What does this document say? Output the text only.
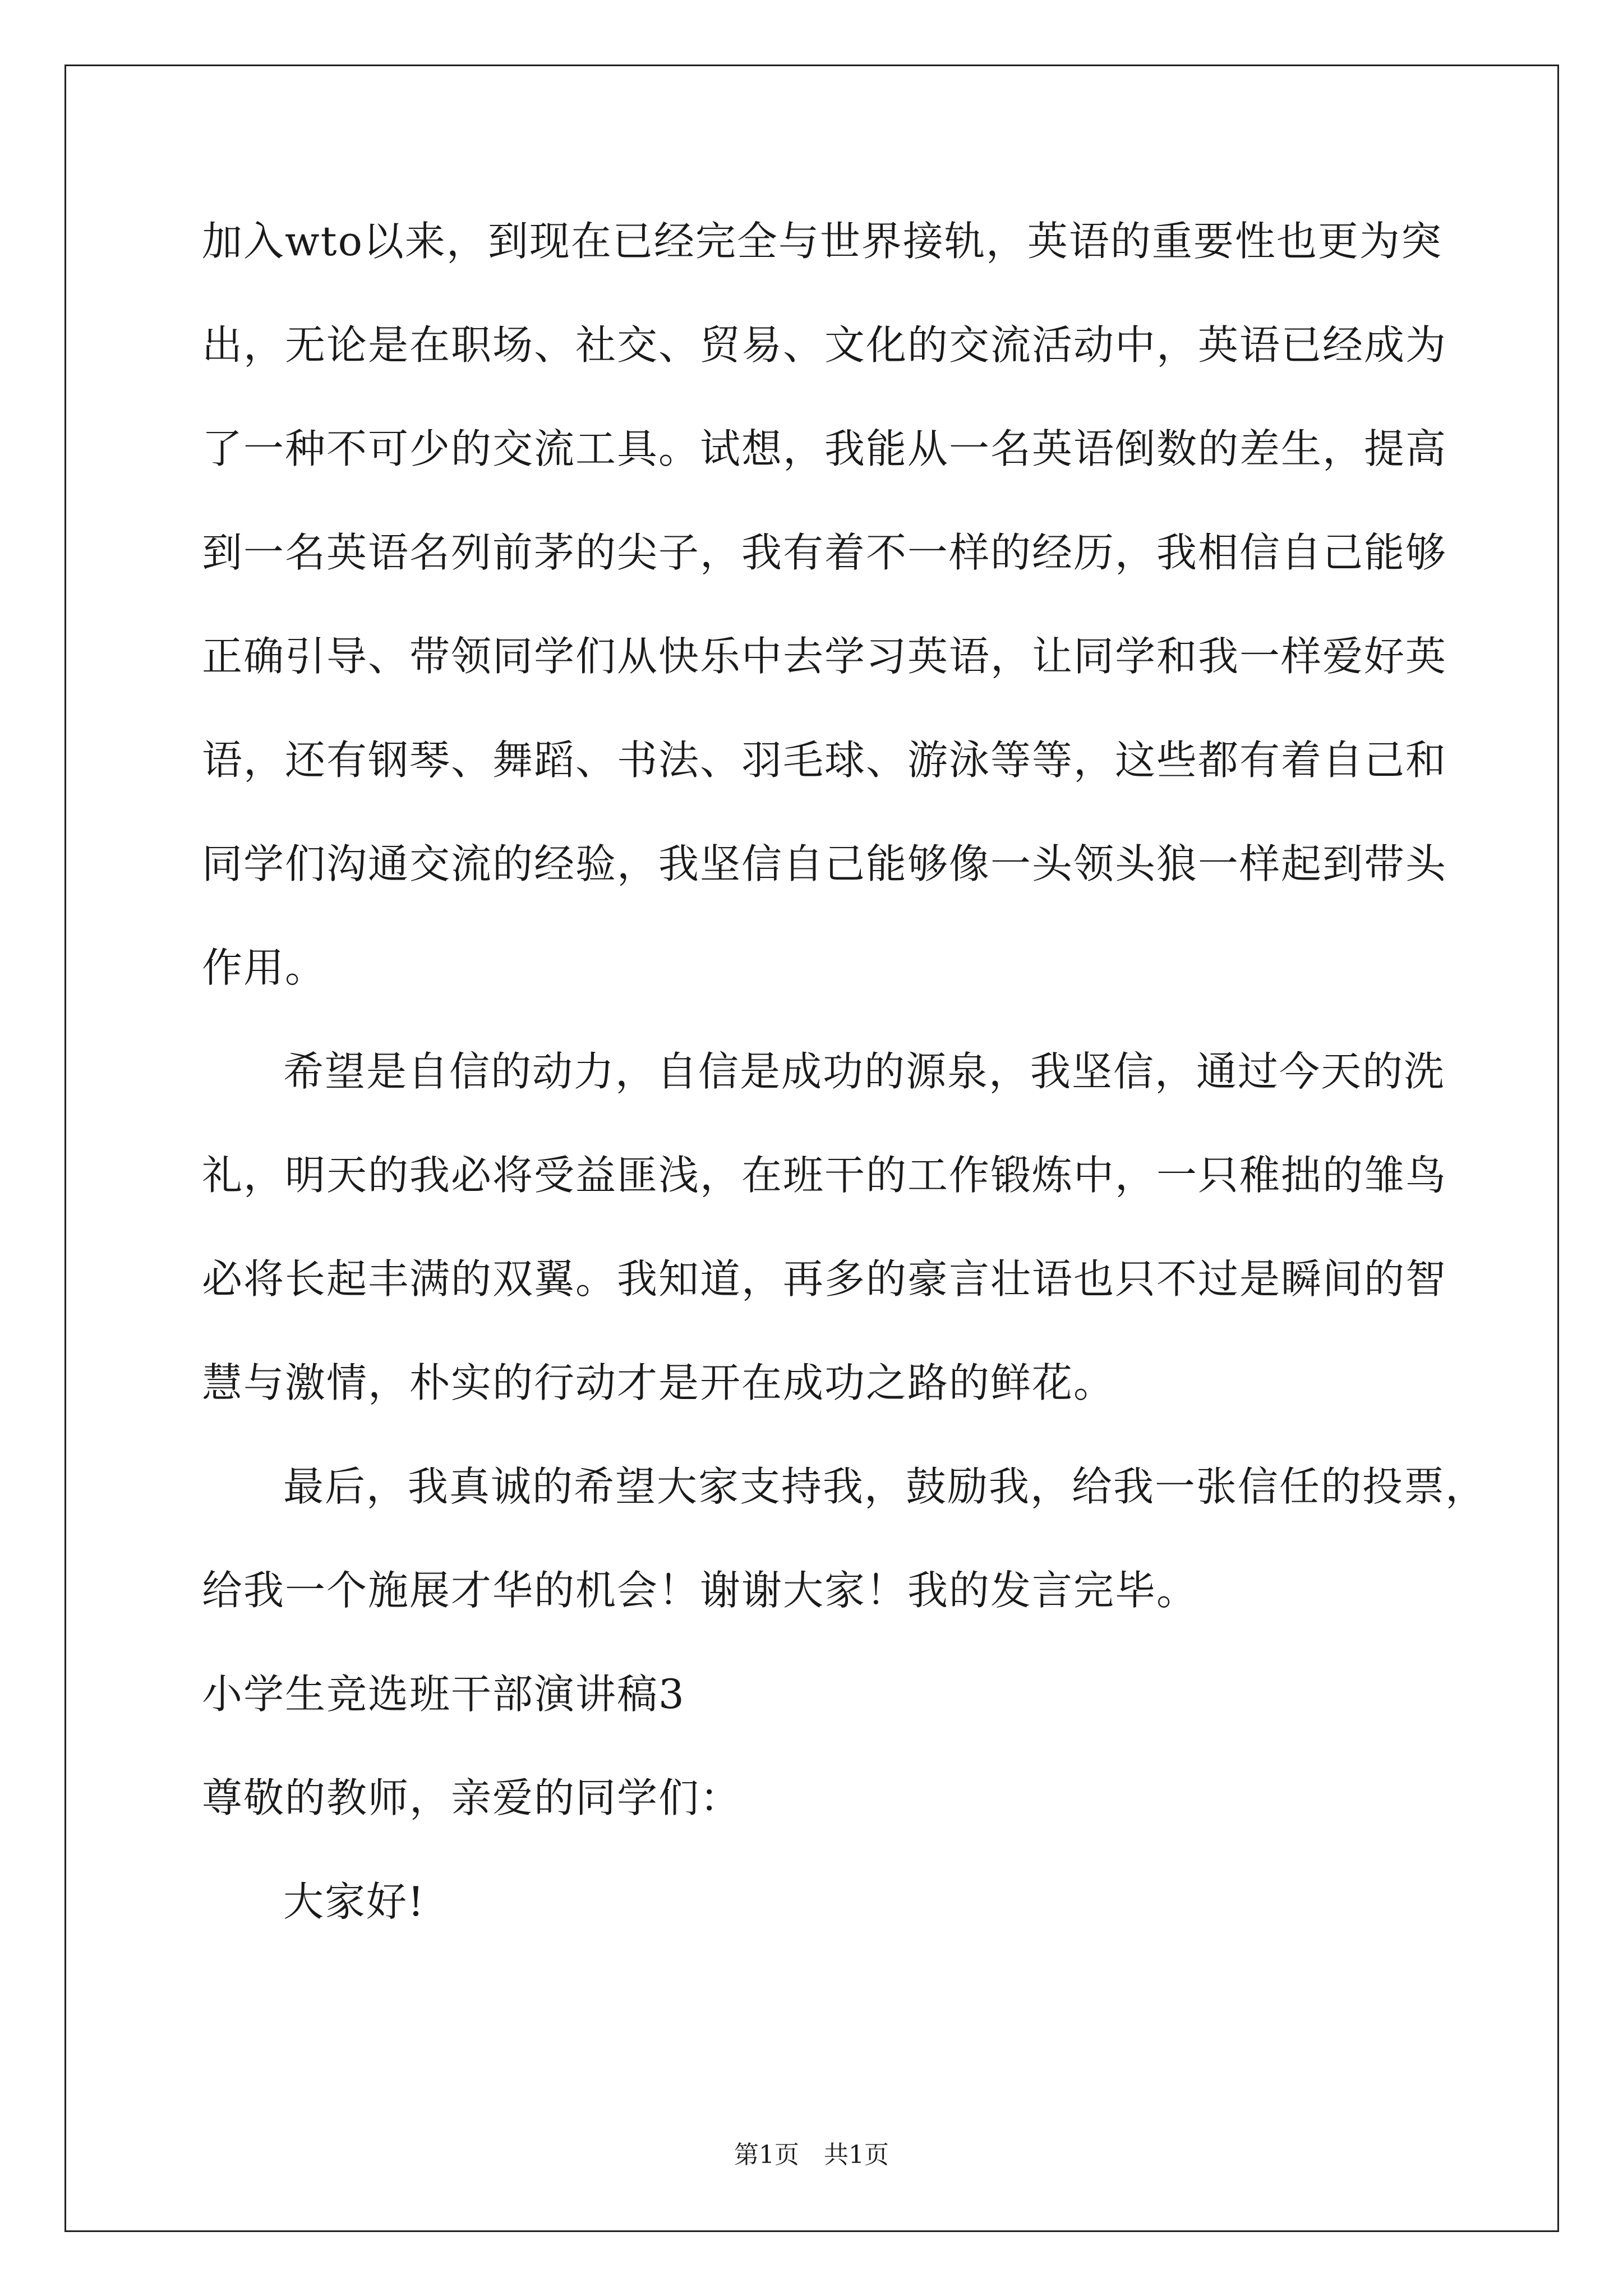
加入wto以来，到现在已经完全与世界接轨，英语的重要性也更为突
出，无论是在职场、社交、贸易、文化的交流活动中，英语已经成为
了一种不可少的交流工具。试想，我能从一名英语倒数的差生，提高
到一名英语名列前茅的尖子，我有着不一样的经历，我相信自己能够
正确引导、带领同学们从快乐中去学习英语，让同学和我一样爱好英
语，还有钢琴、舞蹈、书法、羽毛球、游泳等等，这些都有着自己和
同学们沟通交流的经验，我坚信自己能够像一头领头狼一样起到带头
作用。
希望是自信的动力，自信是成功的源泉，我坚信，通过今天的洗
礼，明天的我必将受益匪浅，在班干的工作锻炼中，一只稚拙的雏鸟
必将长起丰满的双翼。我知道，再多的豪言壮语也只不过是瞬间的智
慧与激情，朴实的行动才是开在成功之路的鲜花。
最后，我真诚的希望大家支持我，鼓励我，给我一张信任的投票，
给我一个施展才华的机会！谢谢大家！我的发言完毕。
小学生竞选班干部演讲稿3
尊敬的教师，亲爱的同学们：
大家好!
第1页　共1页
